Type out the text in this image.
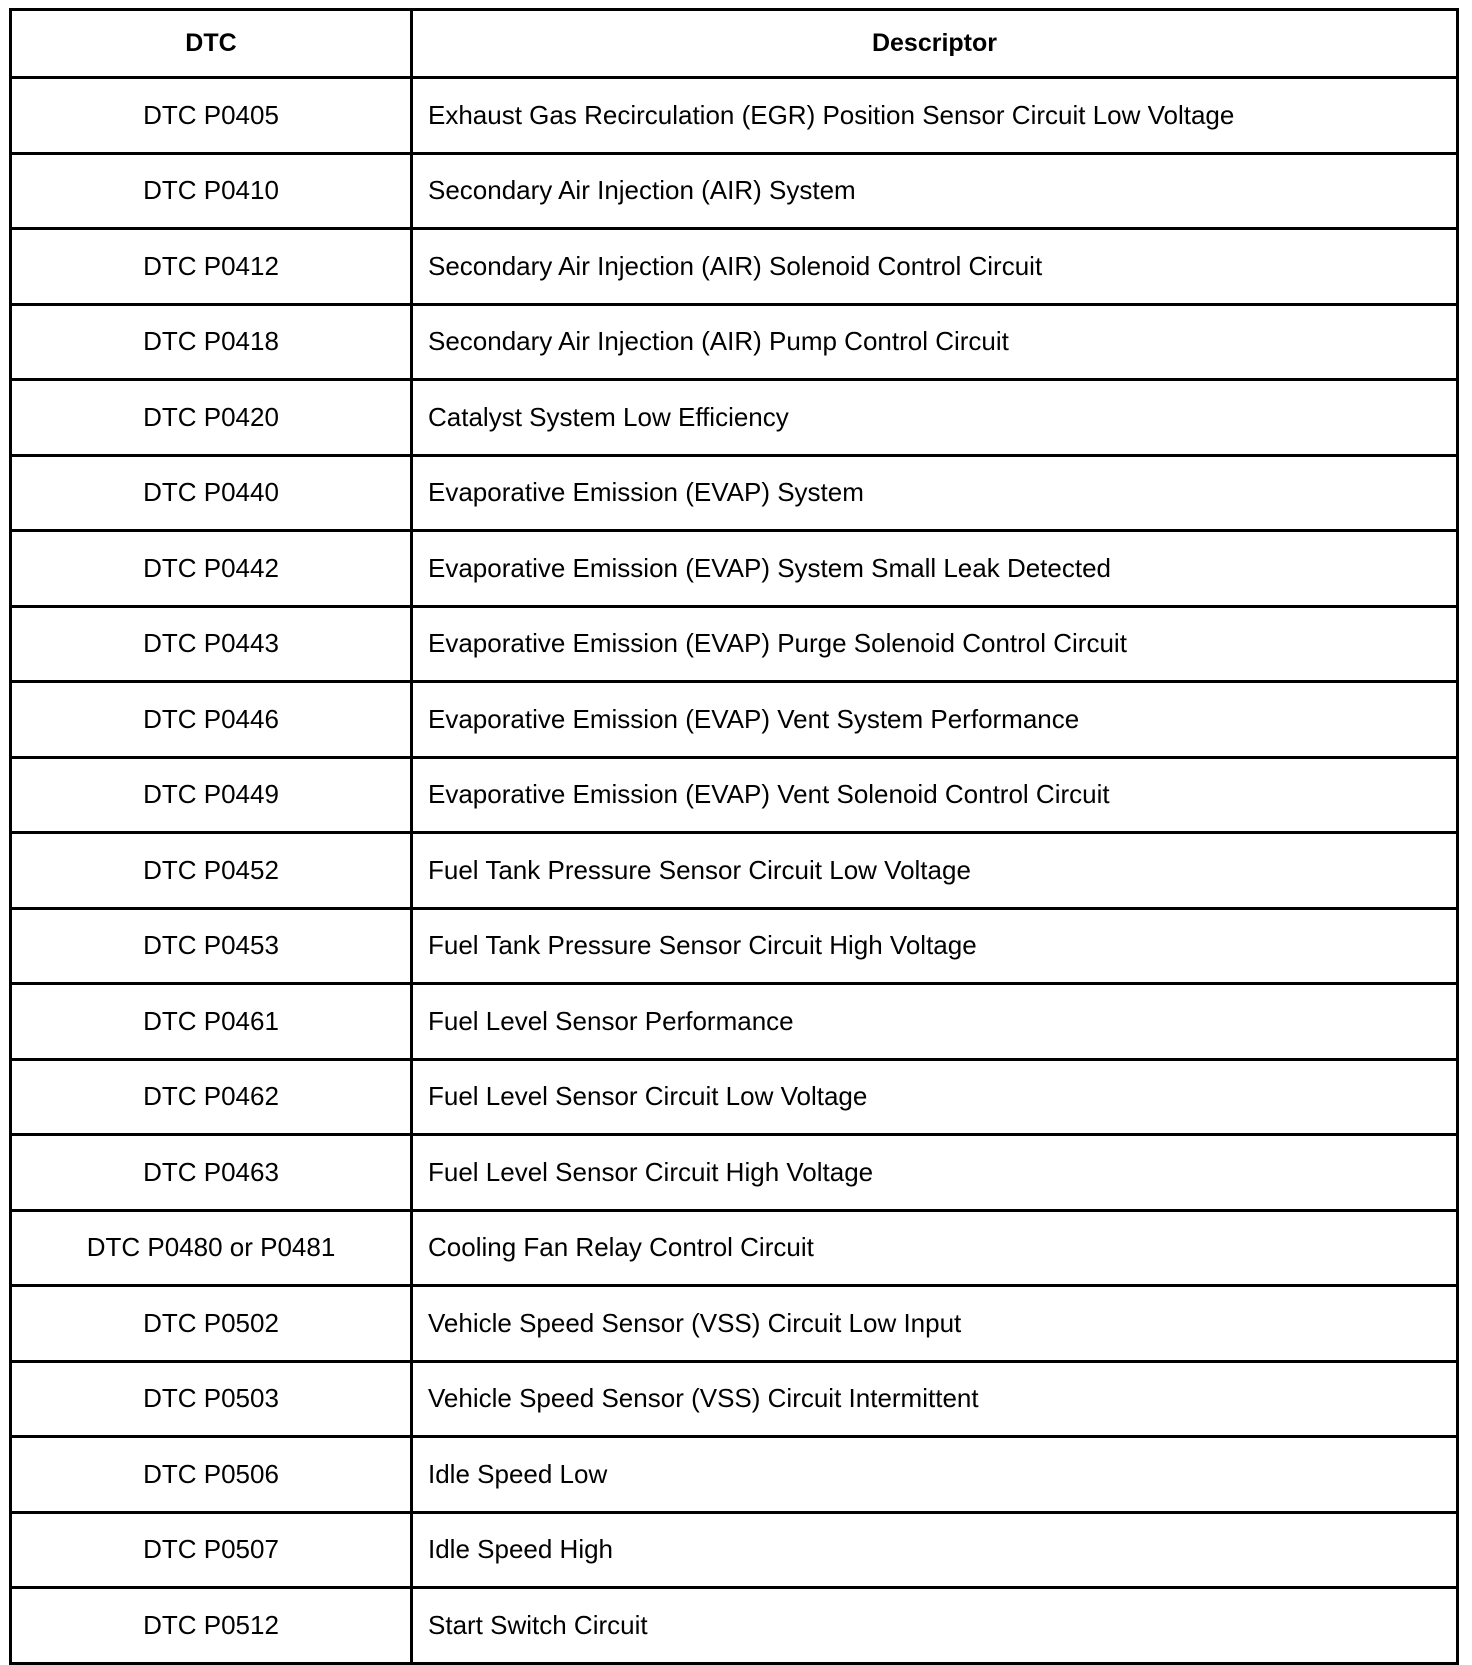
DTC	Descriptor
DTC P0405	Exhaust Gas Recirculation (EGR) Position Sensor Circuit Low Voltage
DTC P0410	Secondary Air Injection (AIR) System
DTC P0412	Secondary Air Injection (AIR) Solenoid Control Circuit
DTC P0418	Secondary Air Injection (AIR) Pump Control Circuit
DTC P0420	Catalyst System Low Efficiency
DTC P0440	Evaporative Emission (EVAP) System
DTC P0442	Evaporative Emission (EVAP) System Small Leak Detected
DTC P0443	Evaporative Emission (EVAP) Purge Solenoid Control Circuit
DTC P0446	Evaporative Emission (EVAP) Vent System Performance
DTC P0449	Evaporative Emission (EVAP) Vent Solenoid Control Circuit
DTC P0452	Fuel Tank Pressure Sensor Circuit Low Voltage
DTC P0453	Fuel Tank Pressure Sensor Circuit High Voltage
DTC P0461	Fuel Level Sensor Performance
DTC P0462	Fuel Level Sensor Circuit Low Voltage
DTC P0463	Fuel Level Sensor Circuit High Voltage
DTC P0480 or P0481	Cooling Fan Relay Control Circuit
DTC P0502	Vehicle Speed Sensor (VSS) Circuit Low Input
DTC P0503	Vehicle Speed Sensor (VSS) Circuit Intermittent
DTC P0506	Idle Speed Low
DTC P0507	Idle Speed High
DTC P0512	Start Switch Circuit
